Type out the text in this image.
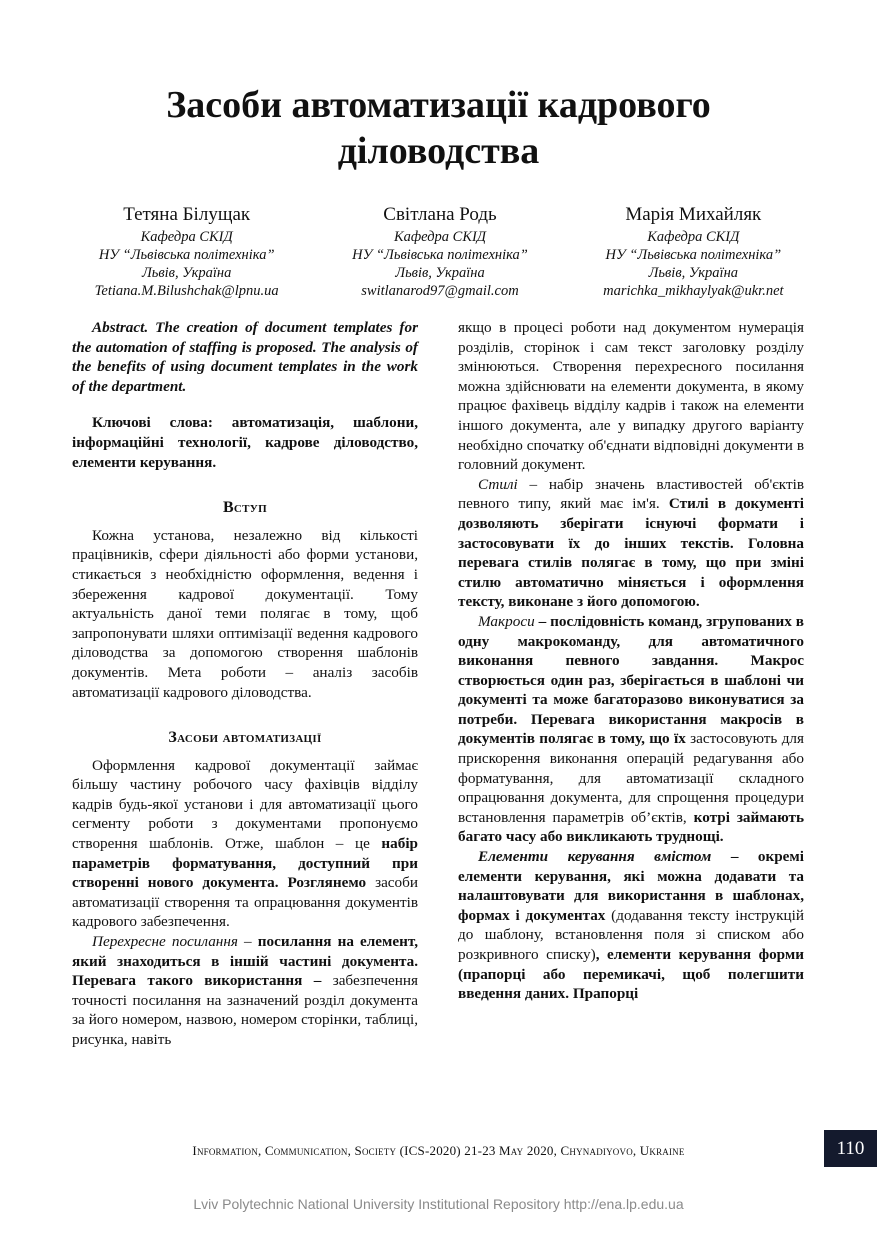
Засоби автоматизації кадрового
діловодства
Тетяна Білущак
Кафедра СКІД
НУ “Львівська політехніка”
Львів, Україна
Tetiana.M.Bilushchak@lpnu.ua
Світлана Родь
Кафедра СКІД
НУ “Львівська політехніка”
Львів, Україна
switlanarod97@gmail.com
Марія Михайляк
Кафедра СКІД
НУ “Львівська політехніка”
Львів, Україна
marichka_mikhaylyak@ukr.net

Abstract. The creation of document templates for the automation of staffing is proposed. The analysis of the benefits of using document templates in the work of the department.

Ключові слова: автоматизація, шаблони, інформаційні технології, кадрове діловодство, елементи керування.

Вступ

Кожна установа, незалежно від кількості працівників, сфери діяльності або форми установи, стикається з необхідністю оформлення, ведення і збереження кадрової документації. Тому актуальність даної теми полягає в тому, щоб запропонувати шляхи оптимізації ведення кадрового діловодства за допомогою створення шаблонів документів. Мета роботи – аналіз засобів автоматизації кадрового діловодства.

Засоби автоматизації

Оформлення кадрової документації займає більшу частину робочого часу фахівців відділу кадрів будь-якої установи і для автоматизації цього сегменту роботи з документами пропонуємо створення шаблонів. Отже, шаблон – це набір параметрів форматування, доступний при створенні нового документа. Розглянемо засоби автоматизації створення та опрацювання документів кадрового забезпечення.

Перехресне посилання – посилання на елемент, який знаходиться в іншій частині документа. Перевага такого використання – забезпечення точності посилання на зазначений розділ документа за його номером, назвою, номером сторінки, таблиці, рисунка, навіть

якщо в процесі роботи над документом нумерація розділів, сторінок і сам текст заголовку розділу змінюються. Створення перехресного посилання можна здійснювати на елементи документа, в якому працює фахівець відділу кадрів і також на елементи іншого документа, але у випадку другого варіанту необхідно спочатку об'єднати відповідні документи в головний документ.

Стилі – набір значень властивостей об'єктів певного типу, який має ім'я. Стилі в документі дозволяють зберігати існуючі формати і застосовувати їх до інших текстів. Головна перевага стилів полягає в тому, що при зміні стилю автоматично міняється і оформлення тексту, виконане з його допомогою.

Макроси – послідовність команд, згрупованих в одну макрокоманду, для автоматичного виконання певного завдання. Макрос створюється один раз, зберігається в шаблоні чи документі та може багаторазово виконуватися за потреби. Перевага використання макросів в документів полягає в тому, що їх застосовують для прискорення виконання операцій редагування або форматування, для автоматизації складного опрацювання документа, для спрощення процедури встановлення параметрів об’єктів, котрі займають багато часу або викликають труднощі.

Елементи керування вмістом – окремі елементи керування, які можна додавати та налаштовувати для використання в шаблонах, формах і документах (додавання тексту інструкцій до шаблону, встановлення поля зі списком або розкривного списку), елементи керування форми (прапорці або перемикачі, щоб полегшити введення даних. Прапорці

Information, Communication, Society (ICS-2020) 21-23 May 2020, Chynadiyovo, Ukraine	110
Lviv Polytechnic National University Institutional Repository http://ena.lp.edu.ua
